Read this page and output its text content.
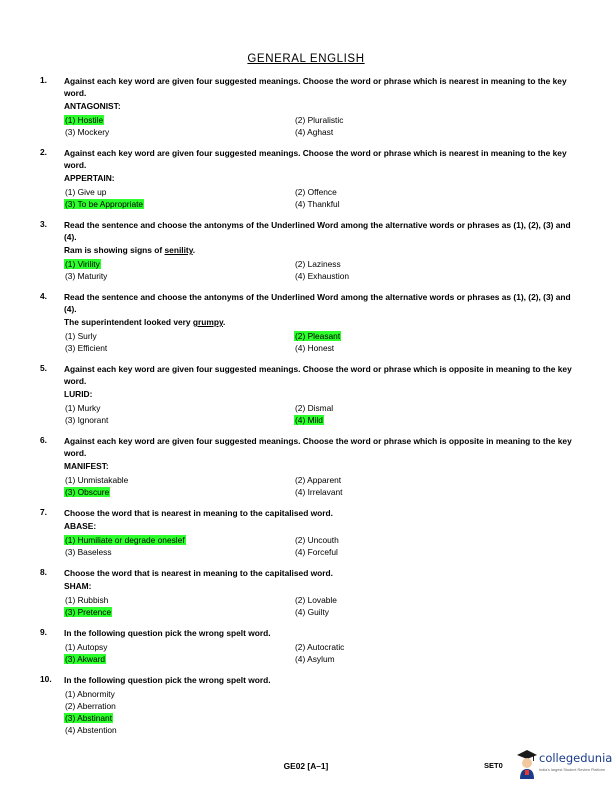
GENERAL ENGLISH
1. Against each key word are given four suggested meanings. Choose the word or phrase which is nearest in meaning to the key word.
ANTAGONIST:
(1) Hostile	(2) Pluralistic
(3) Mockery	(4) Aghast
2. Against each key word are given four suggested meanings. Choose the word or phrase which is nearest in meaning to the key word.
APPERTAIN:
(1) Give up	(2) Offence
(3) To be Appropriate	(4) Thankful
3. Read the sentence and choose the antonyms of the Underlined Word among the alternative words or phrases as (1), (2), (3) and (4).
Ram is showing signs of senility.
(1) Virility	(2) Laziness
(3) Maturity	(4) Exhaustion
4. Read the sentence and choose the antonyms of the Underlined Word among the alternative words or phrases as (1), (2), (3) and (4).
The superintendent looked very grumpy.
(1) Surly	(2) Pleasant
(3) Efficient	(4) Honest
5. Against each key word are given four suggested meanings. Choose the word or phrase which is opposite in meaning to the key word.
LURID:
(1) Murky	(2) Dismal
(3) Ignorant	(4) Mild
6. Against each key word are given four suggested meanings. Choose the word or phrase which is opposite in meaning to the key word.
MANIFEST:
(1) Unmistakable	(2) Apparent
(3) Obscure	(4) Irrelavant
7. Choose the word that is nearest in meaning to the capitalised word.
ABASE:
(1) Humiliate or degrade oneslef	(2) Uncouth
(3) Baseless	(4) Forceful
8. Choose the word that is nearest in meaning to the capitalised word.
SHAM:
(1) Rubbish	(2) Lovable
(3) Pretence	(4) Guilty
9. In the following question pick the wrong spelt word.
(1) Autopsy	(2) Autocratic
(3) Akward	(4) Asylum
10. In the following question pick the wrong spelt word.
(1) Abnormity
(2) Aberration
(3) Abstinant
(4) Abstention
GE02 [A–1]	SET0
collegedunia
India's largest Student Review Platform
